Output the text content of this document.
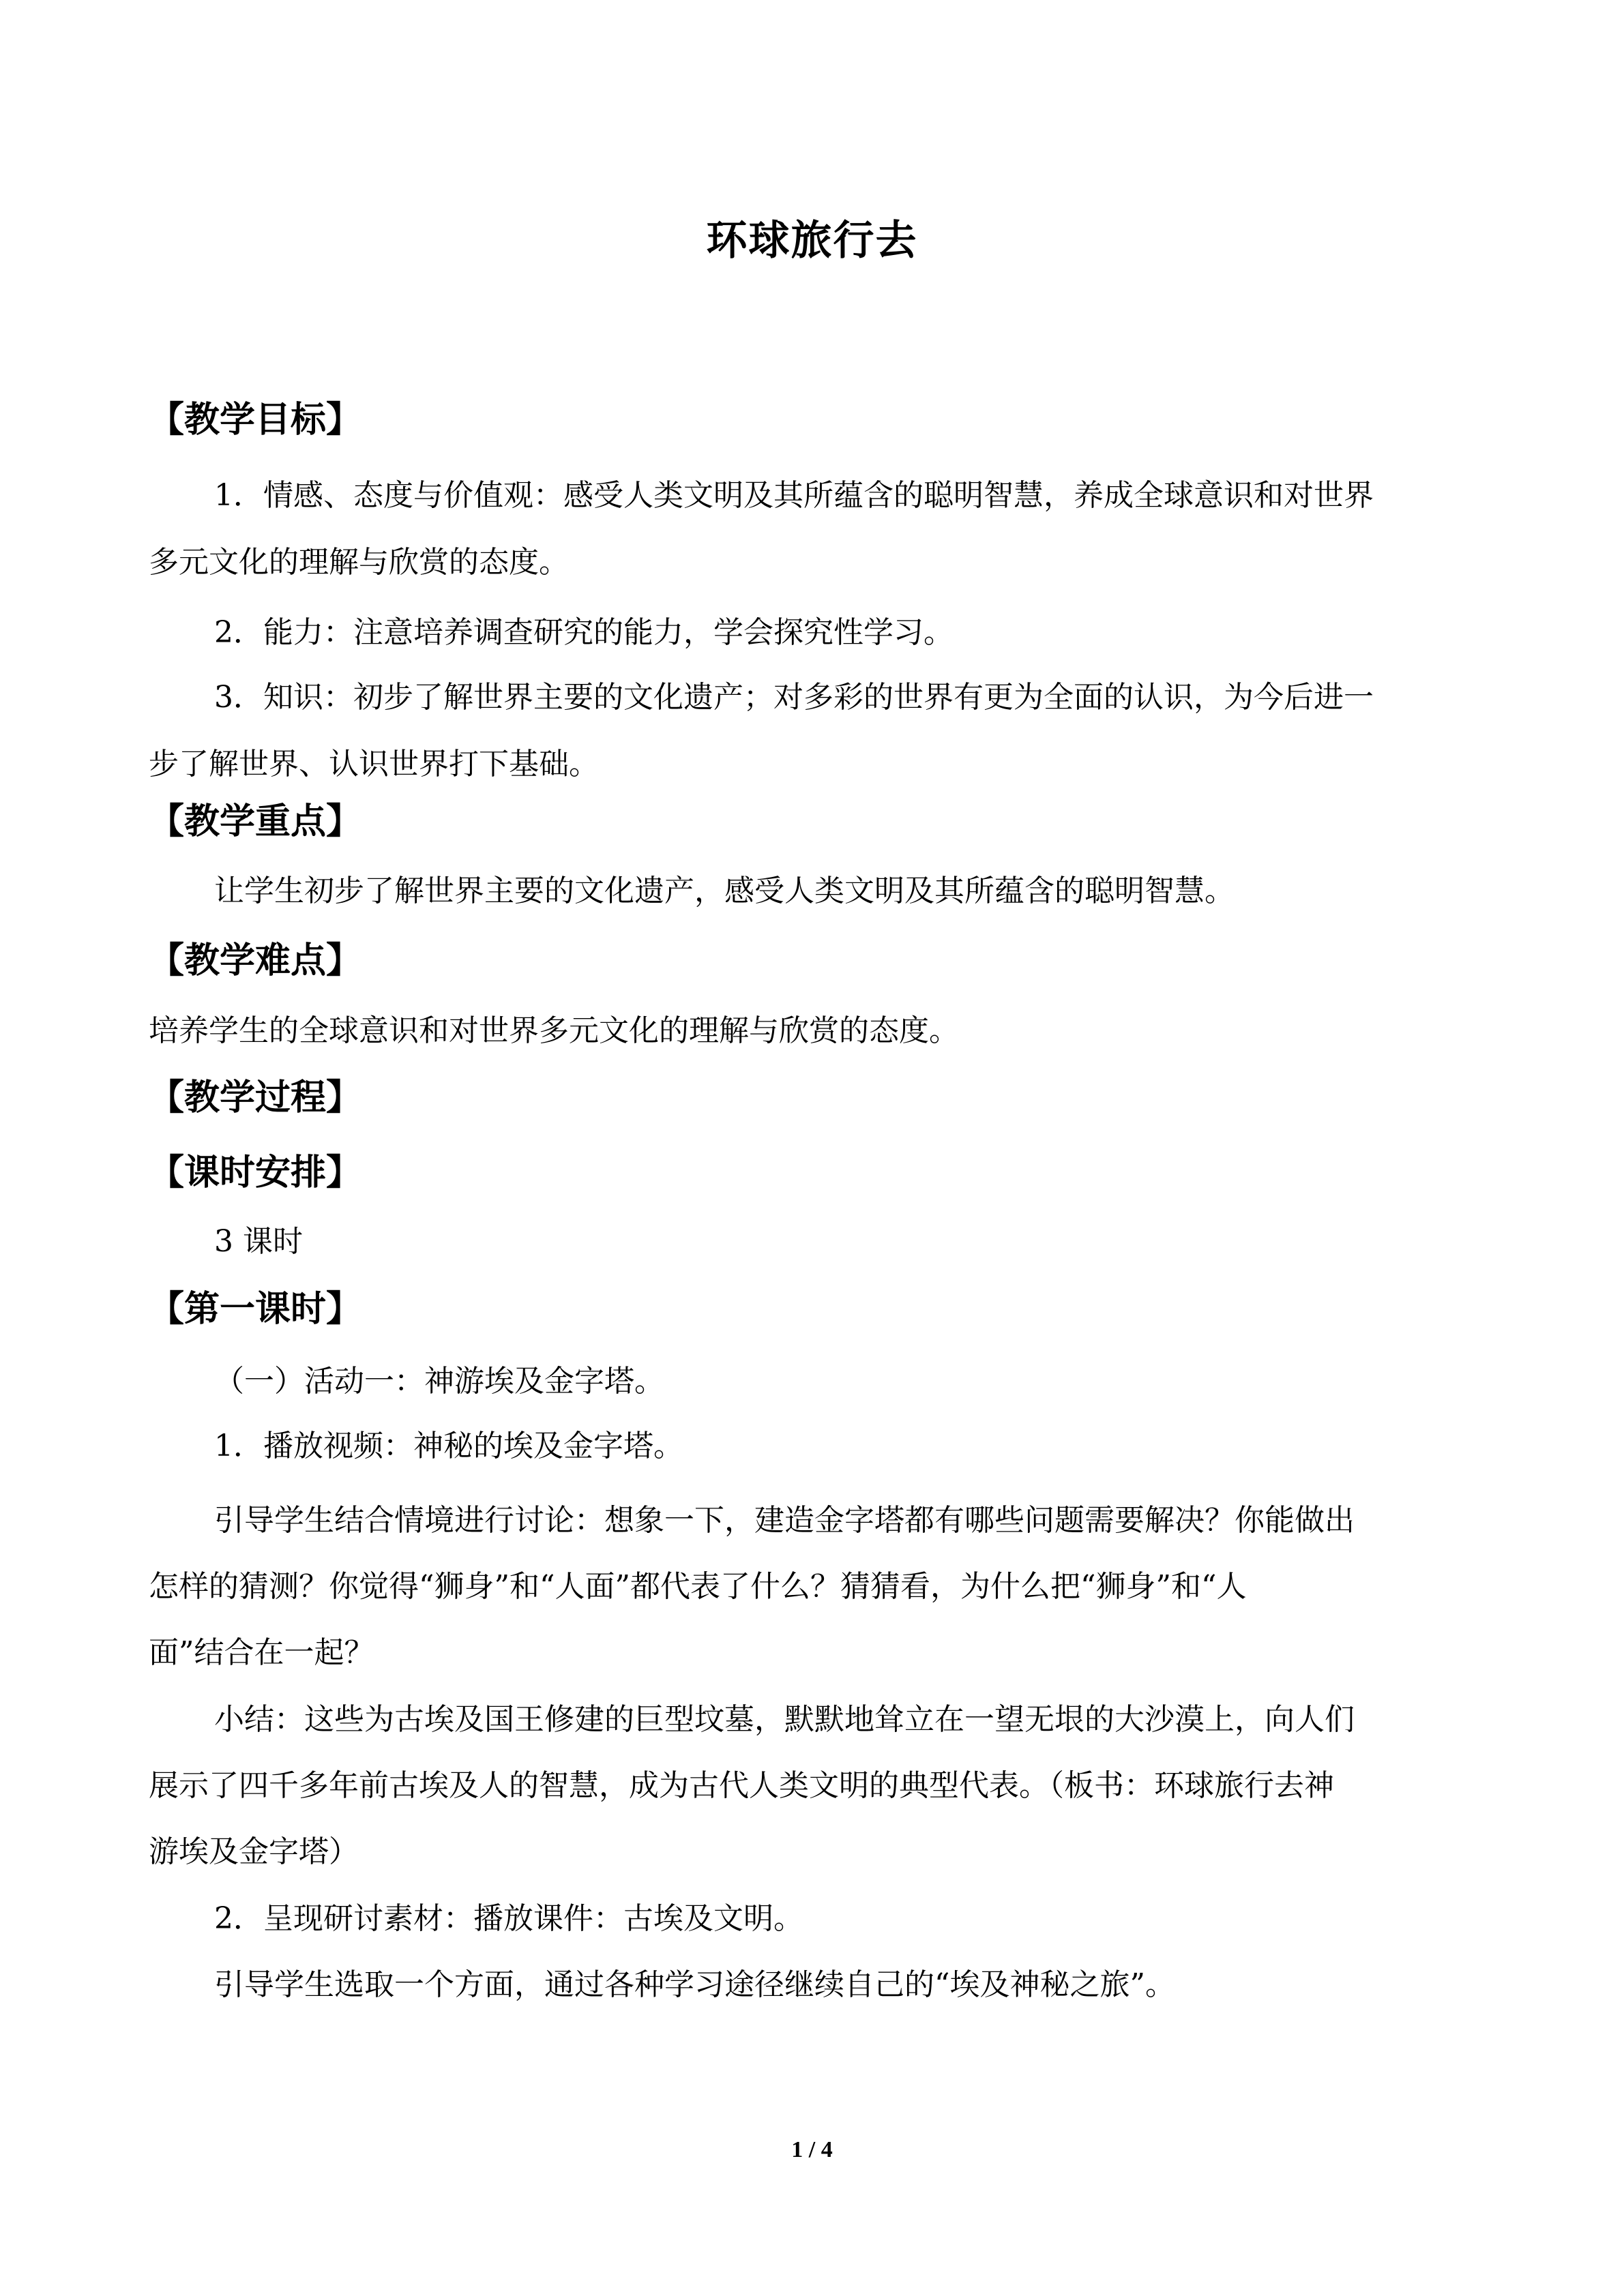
环球旅行去
【教学目标】
1．情感、态度与价值观：感受人类文明及其所蕴含的聪明智慧，养成全球意识和对世界
多元文化的理解与欣赏的态度。
2．能力：注意培养调查研究的能力，学会探究性学习。
3．知识：初步了解世界主要的文化遗产；对多彩的世界有更为全面的认识，为今后进一
步了解世界、认识世界打下基础。
【教学重点】
让学生初步了解世界主要的文化遗产，感受人类文明及其所蕴含的聪明智慧。
【教学难点】
培养学生的全球意识和对世界多元文化的理解与欣赏的态度。
【教学过程】
【课时安排】
3 课时
【第一课时】
（一）活动一：神游埃及金字塔。
1．播放视频：神秘的埃及金字塔。
引导学生结合情境进行讨论：想象一下，建造金字塔都有哪些问题需要解决？你能做出
怎样的猜测？你觉得“狮身”和“人面”都代表了什么？猜猜看，为什么把“狮身”和“人
面”结合在一起？
小结：这些为古埃及国王修建的巨型坟墓，默默地耸立在一望无垠的大沙漠上，向人们
展示了四千多年前古埃及人的智慧，成为古代人类文明的典型代表。（板书：环球旅行去神
游埃及金字塔）
2．呈现研讨素材：播放课件：古埃及文明。
引导学生选取一个方面，通过各种学习途径继续自己的“埃及神秘之旅”。
1 / 4
